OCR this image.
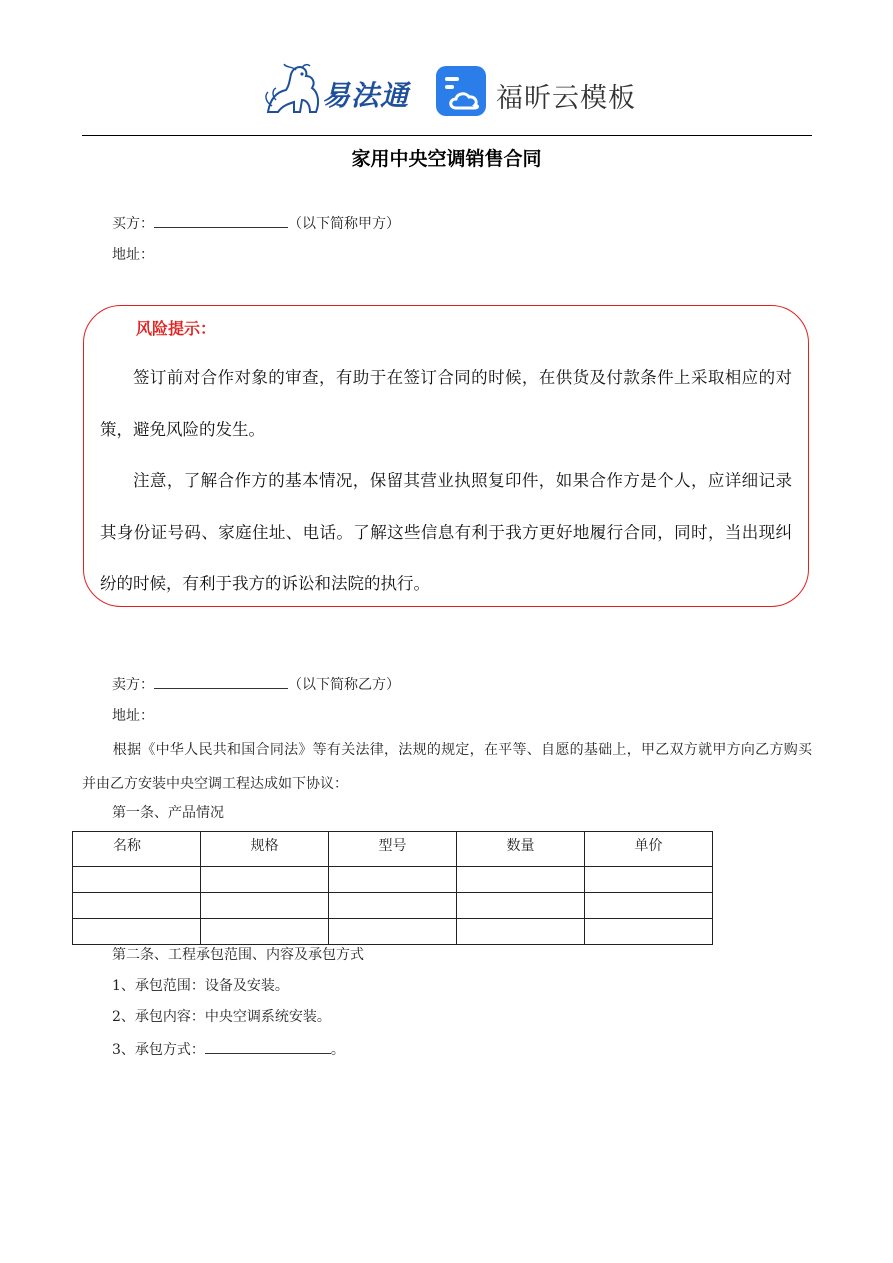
易法通	福昕云模板
家用中央空调销售合同
买方：	（以下简称甲方）
地址：
风险提示：

签订前对合作对象的审查，有助于在签订合同的时候，在供货及付款条件上采取相应的对策，避免风险的发生。

注意，了解合作方的基本情况，保留其营业执照复印件，如果合作方是个人，应详细记录其身份证号码、家庭住址、电话。了解这些信息有利于我方更好地履行合同，同时，当出现纠纷的时候，有利于我方的诉讼和法院的执行。

卖方：	（以下简称乙方）
地址：
根据《中华人民共和国合同法》等有关法律，法规的规定，在平等、自愿的基础上，甲乙双方就甲方向乙方购买并由乙方安装中央空调工程达成如下协议：
第一条、产品情况
名称	规格	型号	数量	单价

第二条、工程承包范围、内容及承包方式
1、承包范围：设备及安装。
2、承包内容：中央空调系统安装。
3、承包方式：	。
